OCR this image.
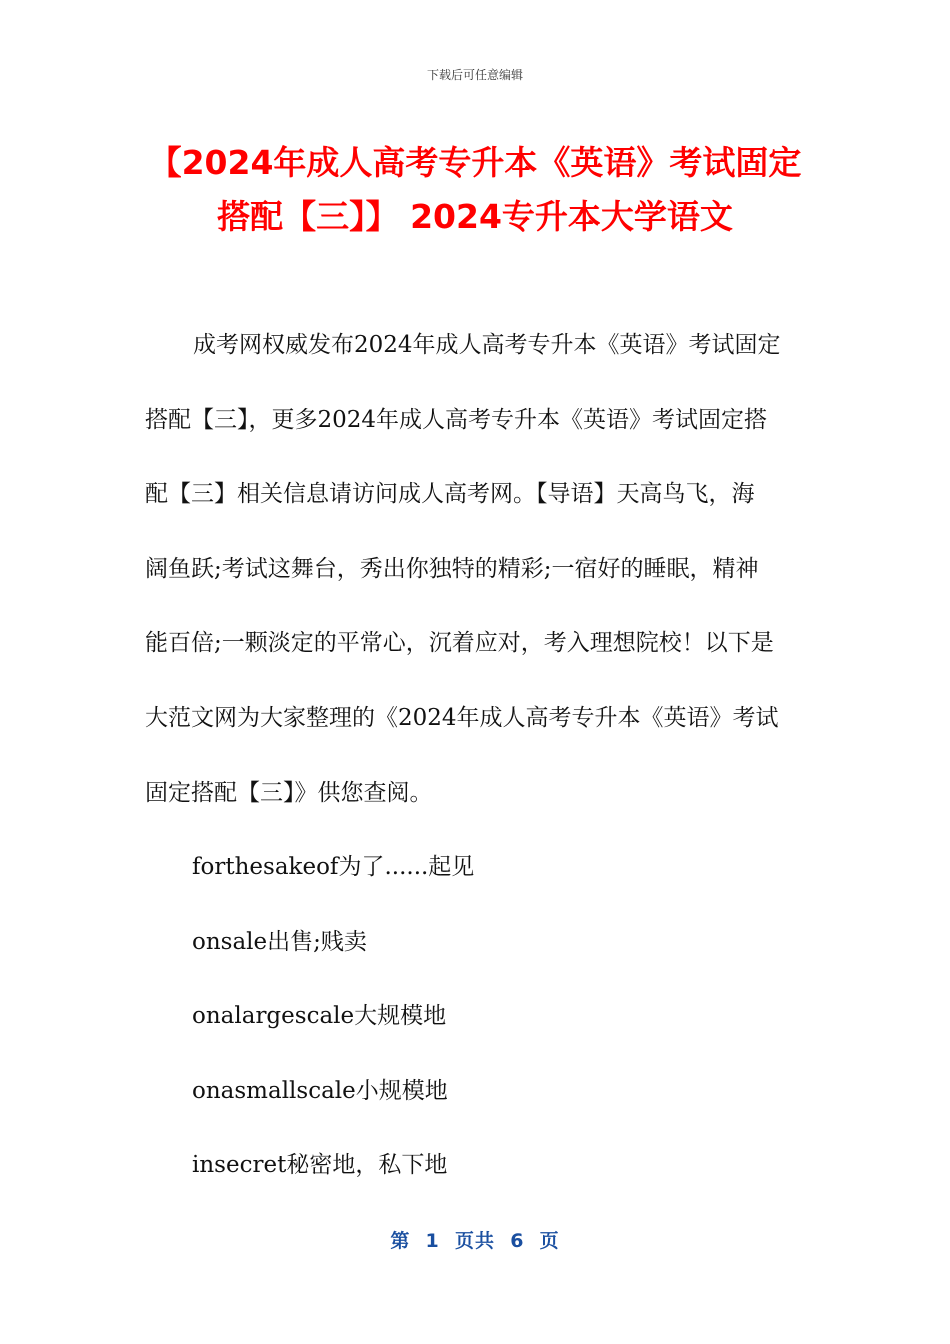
下载后可任意编辑
【2024年成人高考专升本《英语》考试固定
搭配【三】】 2024专升本大学语文
成考网权威发布2024年成人高考专升本《英语》考试固定
搭配【三】，更多2024年成人高考专升本《英语》考试固定搭
配【三】相关信息请访问成人高考网。【导语】天高鸟飞，海
阔鱼跃;考试这舞台，秀出你独特的精彩;一宿好的睡眠，精神
能百倍;一颗淡定的平常心，沉着应对，考入理想院校！以下是
大范文网为大家整理的《2024年成人高考专升本《英语》考试
固定搭配【三】》供您查阅。
forthesakeof为了......起见
onsale出售;贱卖
onalargescale大规模地
onasmallscale小规模地
insecret秘密地，私下地
第  1  页共  6  页
